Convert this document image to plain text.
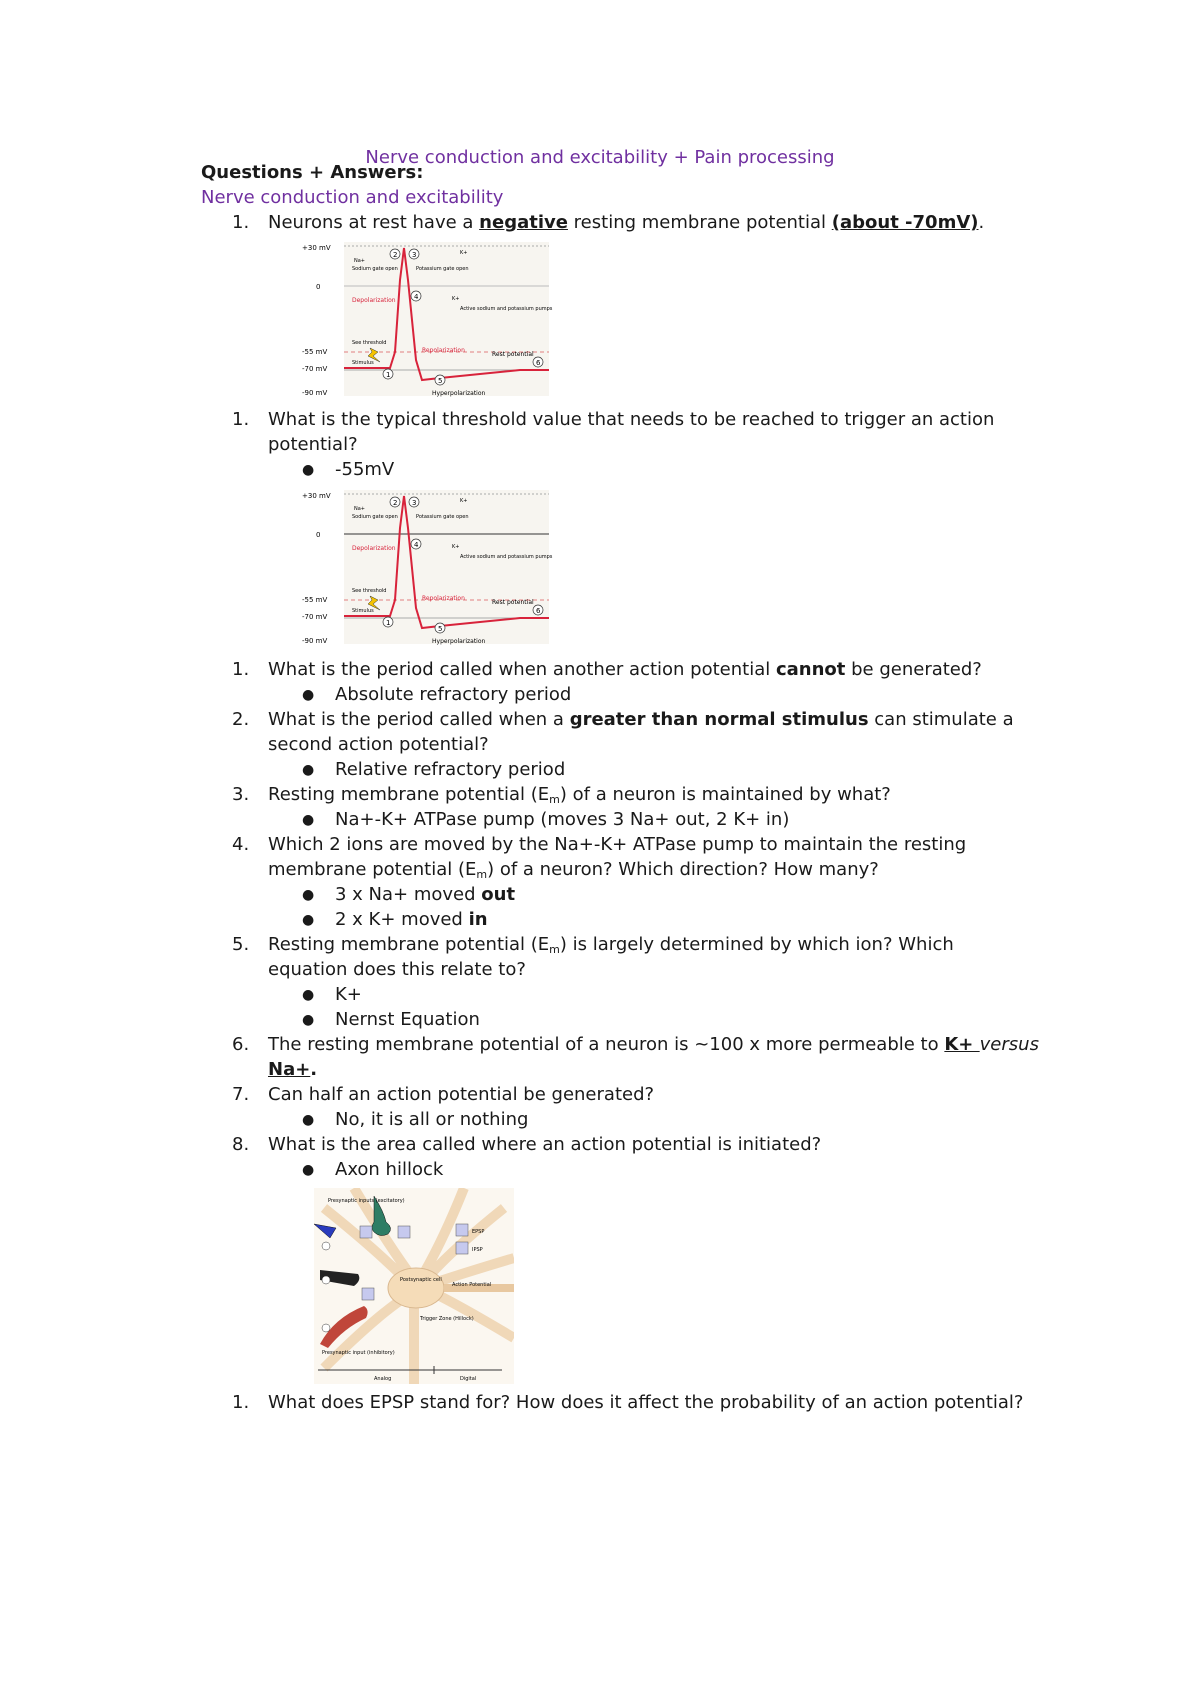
Nerve conduction and excitability + Pain processing
Questions + Answers:
Nerve conduction and excitability
1. Neurons at rest have a negative resting membrane potential (about -70mV).
+30 mV
0
-55 mV
-70 mV
-90 mV
Depolarization
Repolarization
Hyperpolarization
Rest potential
See threshold
Stimulus
Sodium gate open	Potassium gate open
Active sodium and potassium pumps
Na+
K+
K+
2 3
4
1
5
6
1. What is the typical threshold value that needs to be reached to trigger an action
potential?
● -55mV
+30 mV
0
-55 mV
-70 mV
-90 mV
Depolarization
Repolarization
Hyperpolarization
Rest potential
See threshold
Stimulus
Sodium gate open	Potassium gate open
Active sodium and potassium pumps
Na+
K+
K+
2 3
4
1
5
6
1. What is the period called when another action potential cannot be generated?
● Absolute refractory period
2. What is the period called when a greater than normal stimulus can stimulate a
second action potential?
● Relative refractory period
3. Resting membrane potential $(E_m)$ of a neuron is maintained by what?
● Na+-K+ ATPase pump (moves 3 Na+ out, 2 K+ in)
4. Which 2 ions are moved by the Na+-K+ ATPase pump to maintain the resting
membrane potential $(E_m)$ of a neuron? Which direction? How many?
● 3 x Na+ moved out
● 2 x K+ moved in
5. Resting membrane potential $(E_m)$ is largely determined by which ion? Which
equation does this relate to?
● K+
● Nernst Equation
6. The resting membrane potential of a neuron is ~100 x more permeable to K+ versus
Na+.
7. Can half an action potential be generated?
● No, it is all or nothing
8. What is the area called where an action potential is initiated?
● Axon hillock
Presynaptic inputs (excitatory)
EPSP
IPSP
Postsynaptic cell
Action Potential
Trigger Zone (Hillock)
Presynaptic input (inhibitory)
Analog	Digital
1. What does EPSP stand for? How does it affect the probability of an action potential?
